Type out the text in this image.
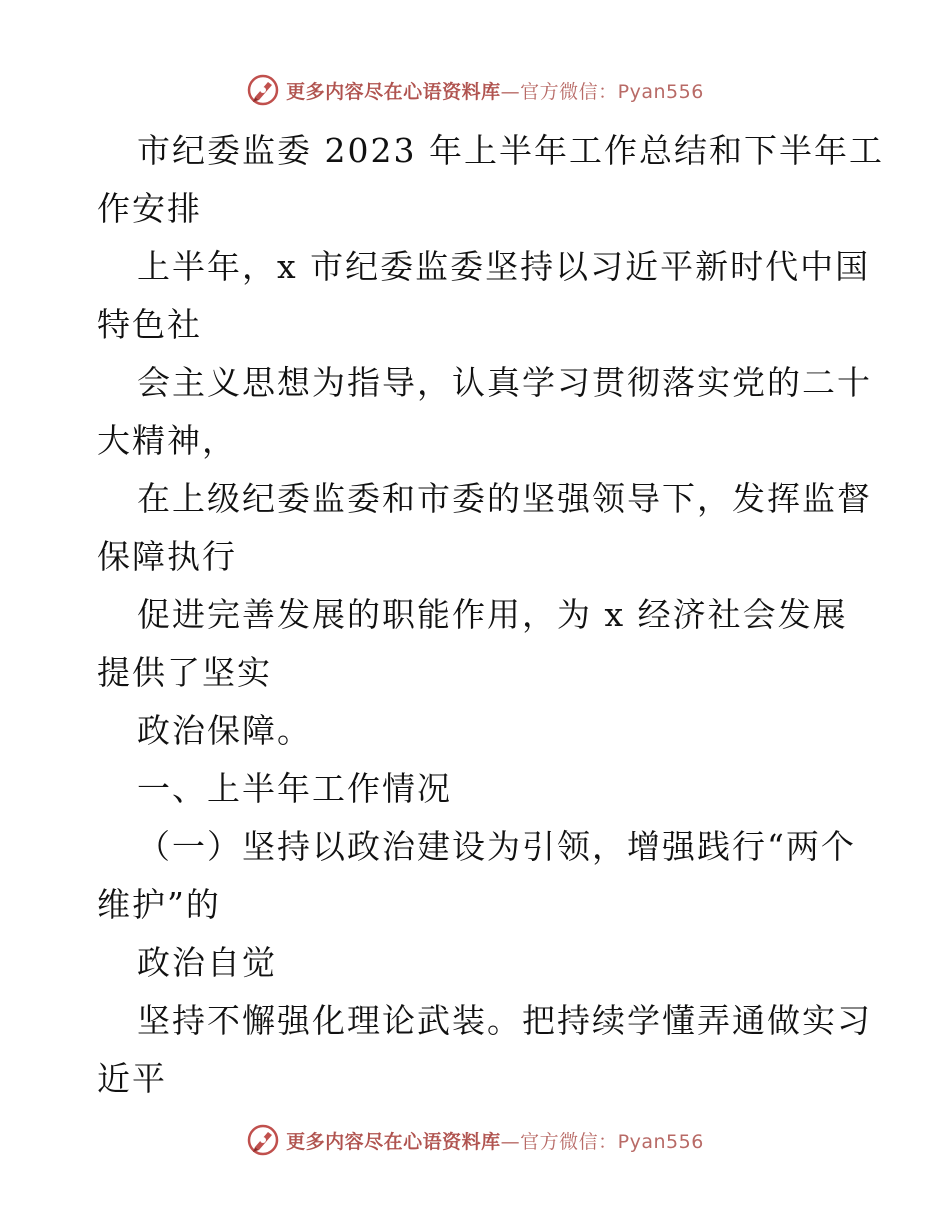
更多内容尽在心语资料库—官方微信：Pyan556
市纪委监委 2023 年上半年工作总结和下半年工
作安排
上半年，x 市纪委监委坚持以习近平新时代中国
特色社
会主义思想为指导，认真学习贯彻落实党的二十
大精神，
在上级纪委监委和市委的坚强领导下，发挥监督
保障执行
促进完善发展的职能作用，为 x 经济社会发展
提供了坚实
政治保障。
一、上半年工作情况
（一）坚持以政治建设为引领，增强践行“两个
维护”的
政治自觉
坚持不懈强化理论武装。把持续学懂弄通做实习
近平
更多内容尽在心语资料库—官方微信：Pyan556
